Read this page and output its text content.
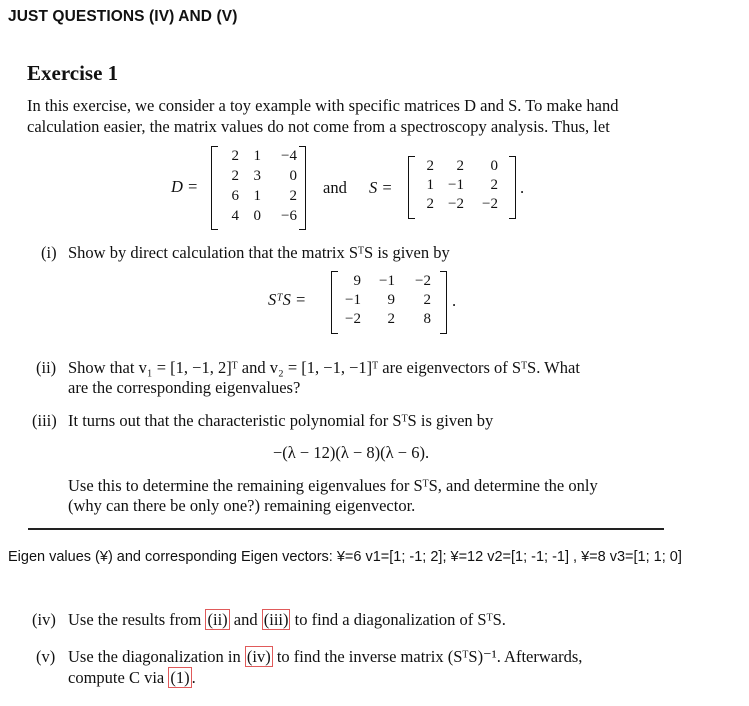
JUST QUESTIONS (IV) AND (V)
Exercise 1
In this exercise, we consider a toy example with specific matrices D and S. To make hand
calculation easier, the matrix values do not come from a spectroscopy analysis. Thus, let
D =
2 1	−4
2 3	0
6 1	2
4 0	−6
and S =
2	2	0
1 −1	2
2 −2	−2
.
(i) Show by direct calculation that the matrix SᵀS is given by
SᵀS =
9	−1	−2
−1	9	2
−2	2	8
.
(ii) Show that v₁ = [1, −1, 2]ᵀ and v₂ = [1, −1, −1]ᵀ are eigenvectors of SᵀS. What
are the corresponding eigenvalues?
(iii) It turns out that the characteristic polynomial for SᵀS is given by
−(λ − 12)(λ − 8)(λ − 6).
Use this to determine the remaining eigenvalues for SᵀS, and determine the only
(why can there be only one?) remaining eigenvector.
Eigen values (¥) and corresponding Eigen vectors: ¥=6 v1=[1; -1; 2]; ¥=12 v2=[1; -1; -1] , ¥=8 v3=[1; 1; 0]
(iv) Use the results from (ii) and (iii) to find a diagonalization of SᵀS.
(v) Use the diagonalization in (iv) to find the inverse matrix (SᵀS)⁻¹. Afterwards,
compute C via (1) .
